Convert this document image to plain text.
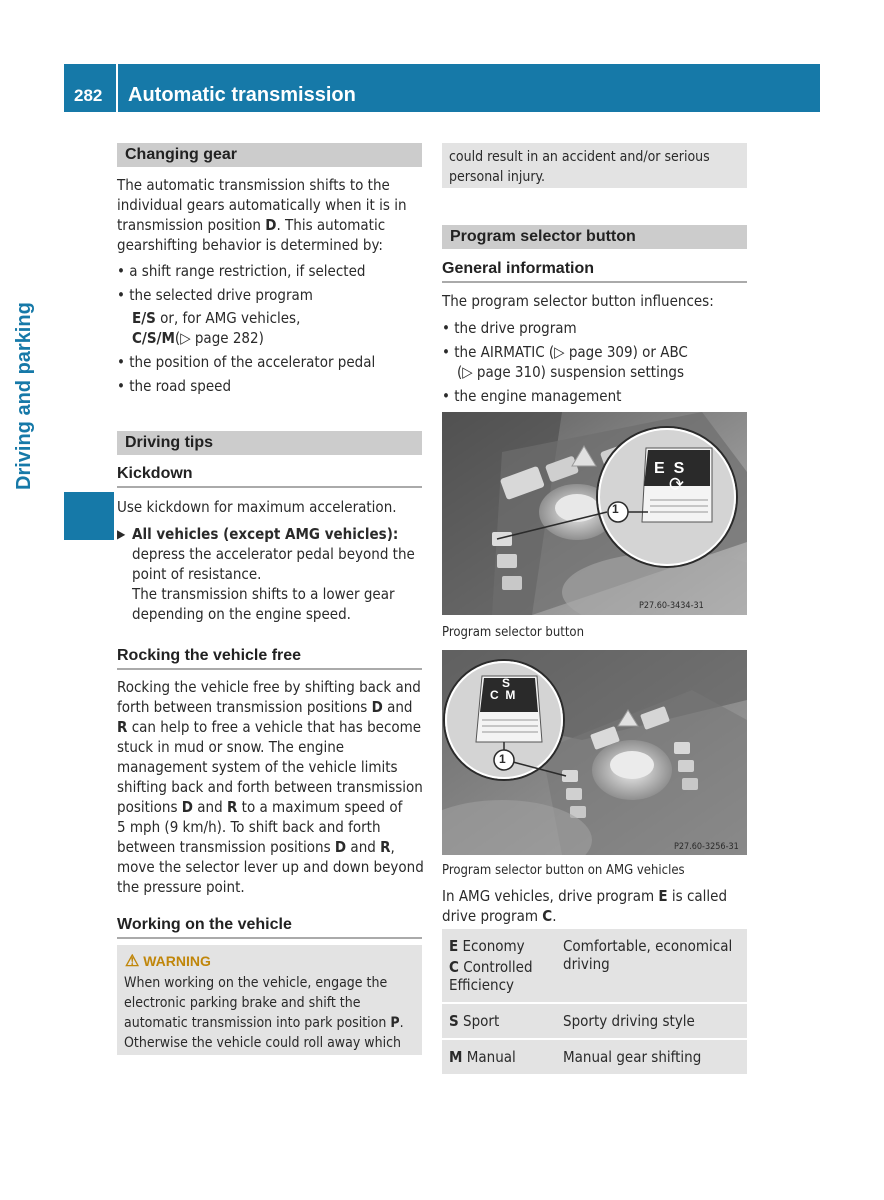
282 Automatic transmission
Driving and parking
Changing gear
The automatic transmission shifts to the
individual gears automatically when it is in
transmission position D. This automatic
gearshifting behavior is determined by:
• a shift range restriction, if selected
• the selected drive program
E/S or, for AMG vehicles,
C/S/M(▷ page 282)
• the position of the accelerator pedal
• the road speed
Driving tips
Kickdown
Use kickdown for maximum acceleration.
▶ All vehicles (except AMG vehicles):
depress the accelerator pedal beyond the
point of resistance.
The transmission shifts to a lower gear
depending on the engine speed.
Rocking the vehicle free
Rocking the vehicle free by shifting back and
forth between transmission positions D and
R can help to free a vehicle that has become
stuck in mud or snow. The engine
management system of the vehicle limits
shifting back and forth between transmission
positions D and R to a maximum speed of
5 mph (9 km/h). To shift back and forth
between transmission positions D and R,
move the selector lever up and down beyond
the pressure point.
Working on the vehicle
⚠ WARNING
When working on the vehicle, engage the
electronic parking brake and shift the
automatic transmission into park position P.
Otherwise the vehicle could roll away which
could result in an accident and/or serious
personal injury.
Program selector button
General information
The program selector button influences:
• the drive program
• the AIRMATIC (▷ page 309) or ABC
(▷ page 310) suspension settings
• the engine management
E  S
⟳
1
P27.60-3434-31
Program selector button
S
C  M
1
P27.60-3256-31
Program selector button on AMG vehicles
In AMG vehicles, drive program E is called
drive program C.
E Economy
C Controlled
Efficiency	Comfortable, economical driving
S Sport	Sporty driving style
M Manual	Manual gear shifting
